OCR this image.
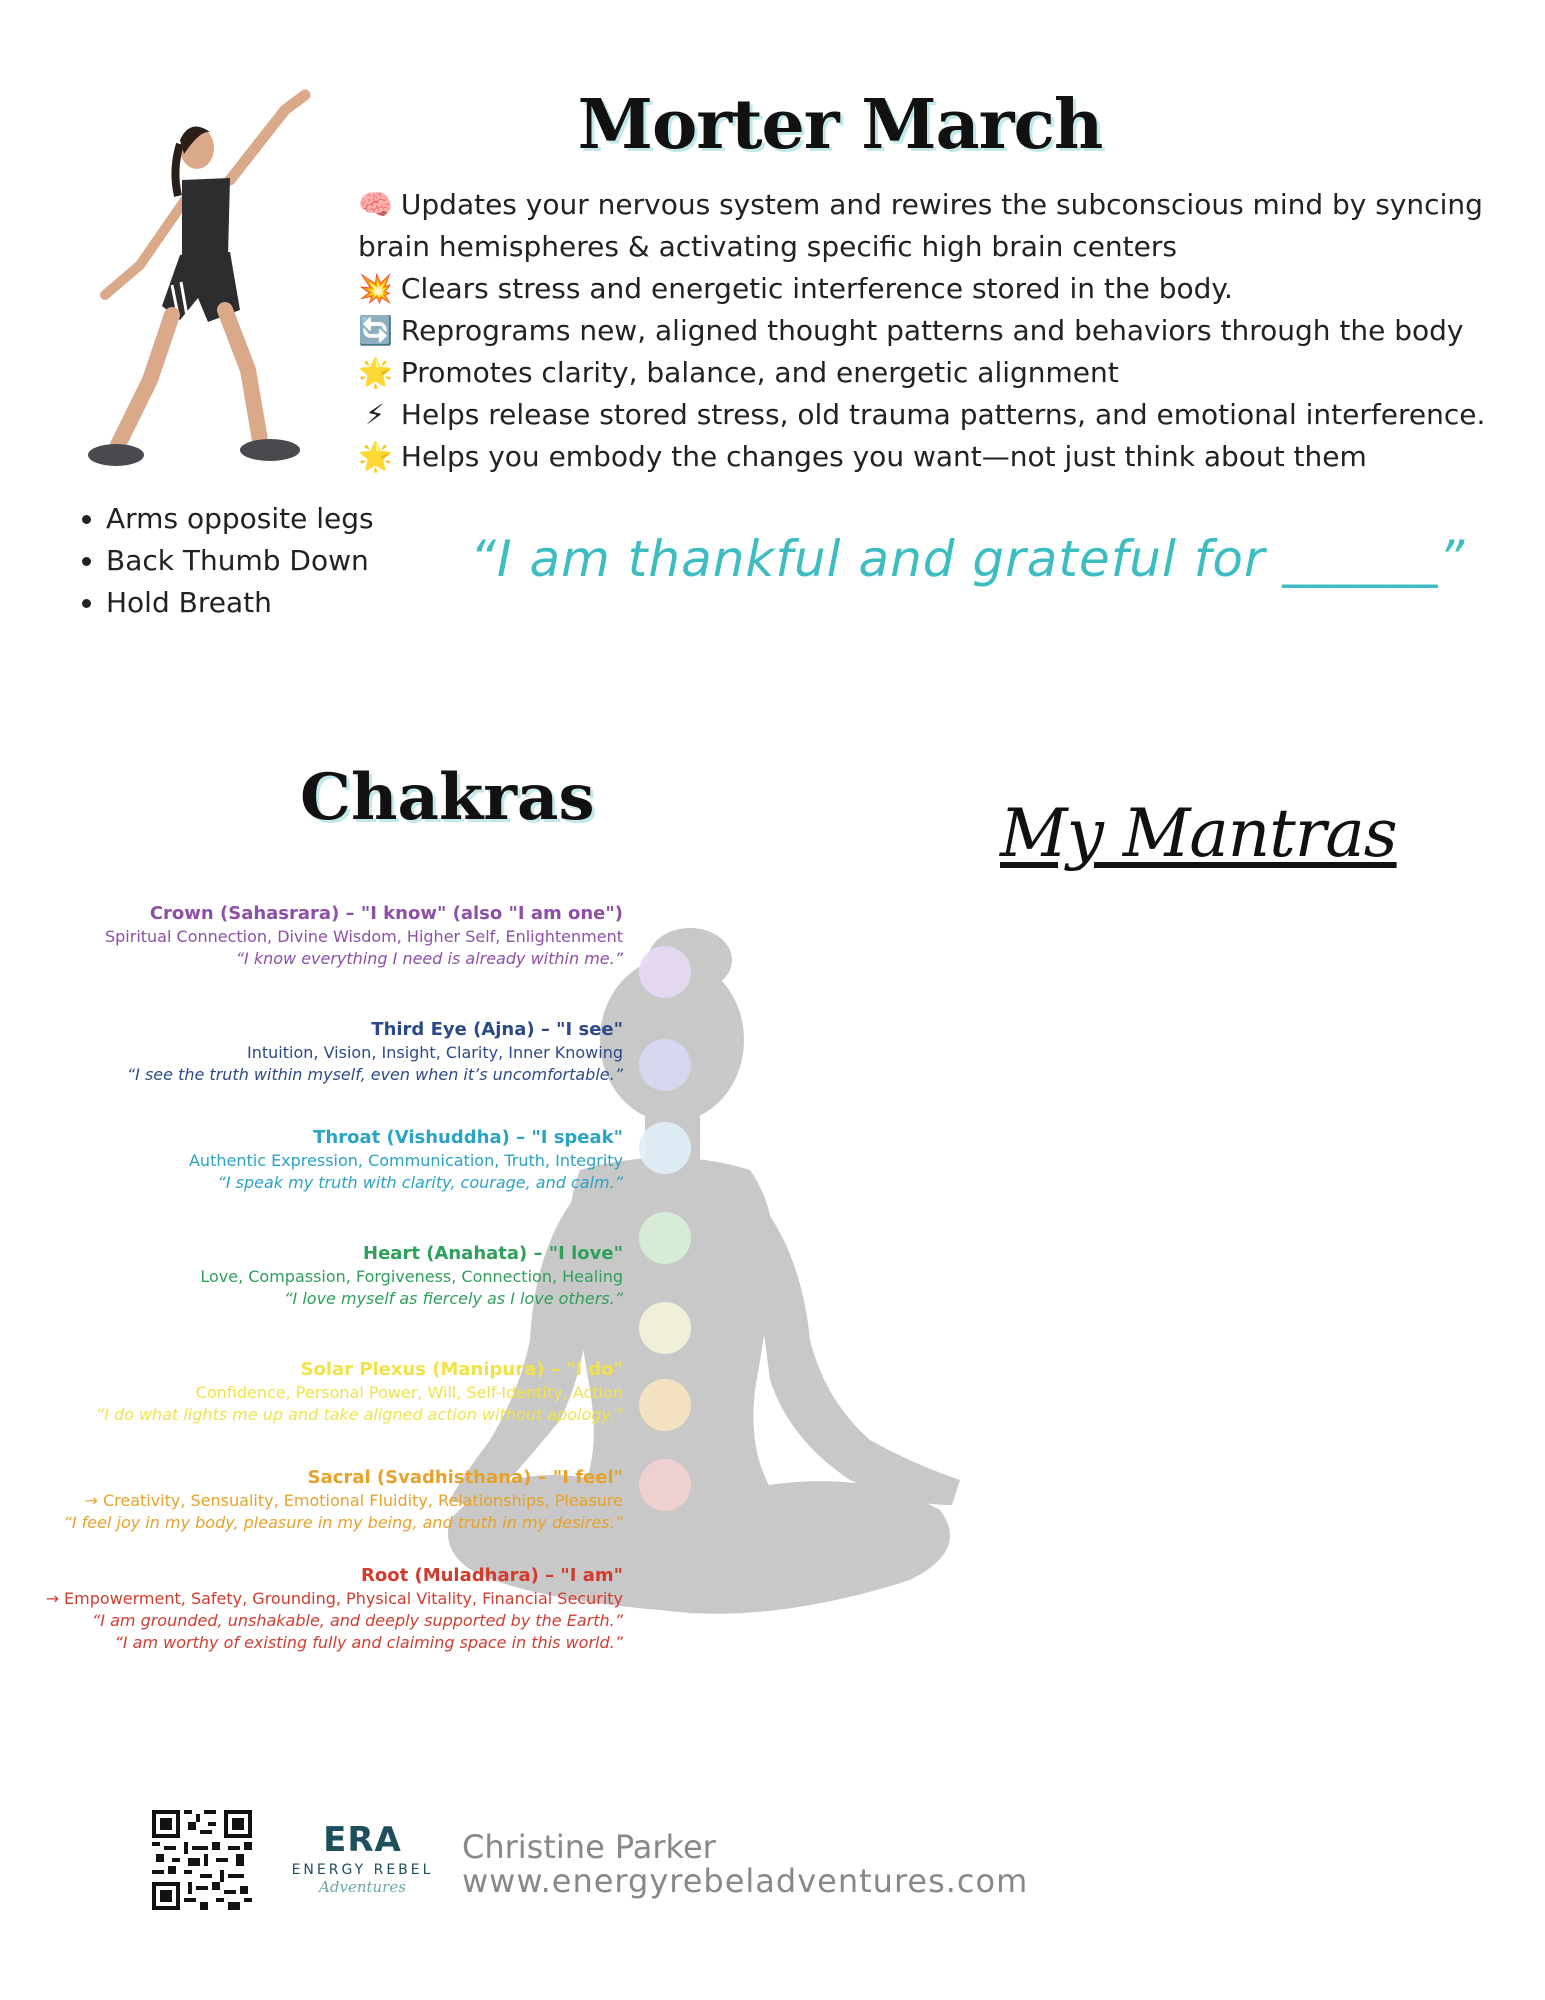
Morter March
🧠 Updates your nervous system and rewires the subconscious mind by syncing
brain hemispheres & activating specific high brain centers
💥 Clears stress and energetic interference stored in the body.
🔄 Reprograms new, aligned thought patterns and behaviors through the body
🌟 Promotes clarity, balance, and energetic alignment
⚡ Helps release stored stress, old trauma patterns, and emotional interference.
🌟 Helps you embody the changes you want—not just think about them
• Arms opposite legs
• Back Thumb Down
• Hold Breath
“I am thankful and grateful for ______”
Chakras	My Mantras
Crown (Sahasrara) – "I know" (also "I am one")
Spiritual Connection, Divine Wisdom, Higher Self, Enlightenment
“I know everything I need is already within me.”
Third Eye (Ajna) – "I see"
Intuition, Vision, Insight, Clarity, Inner Knowing
“I see the truth within myself, even when it’s uncomfortable.”
Throat (Vishuddha) – "I speak"
Authentic Expression, Communication, Truth, Integrity
“I speak my truth with clarity, courage, and calm.”
Heart (Anahata) – "I love"
Love, Compassion, Forgiveness, Connection, Healing
“I love myself as fiercely as I love others.”
Solar Plexus (Manipura) – "I do"
Confidence, Personal Power, Will, Self-Identity, Action
“I do what lights me up and take aligned action without apology.”
Sacral (Svadhisthana) – "I feel"
→ Creativity, Sensuality, Emotional Fluidity, Relationships, Pleasure
“I feel joy in my body, pleasure in my being, and truth in my desires.”
Root (Muladhara) – "I am"
→ Empowerment, Safety, Grounding, Physical Vitality, Financial Security
“I am grounded, unshakable, and deeply supported by the Earth.”
“I am worthy of existing fully and claiming space in this world.”
ERA
ENERGY REBEL
Adventures
Christine Parker
www.energyrebeladventures.com
